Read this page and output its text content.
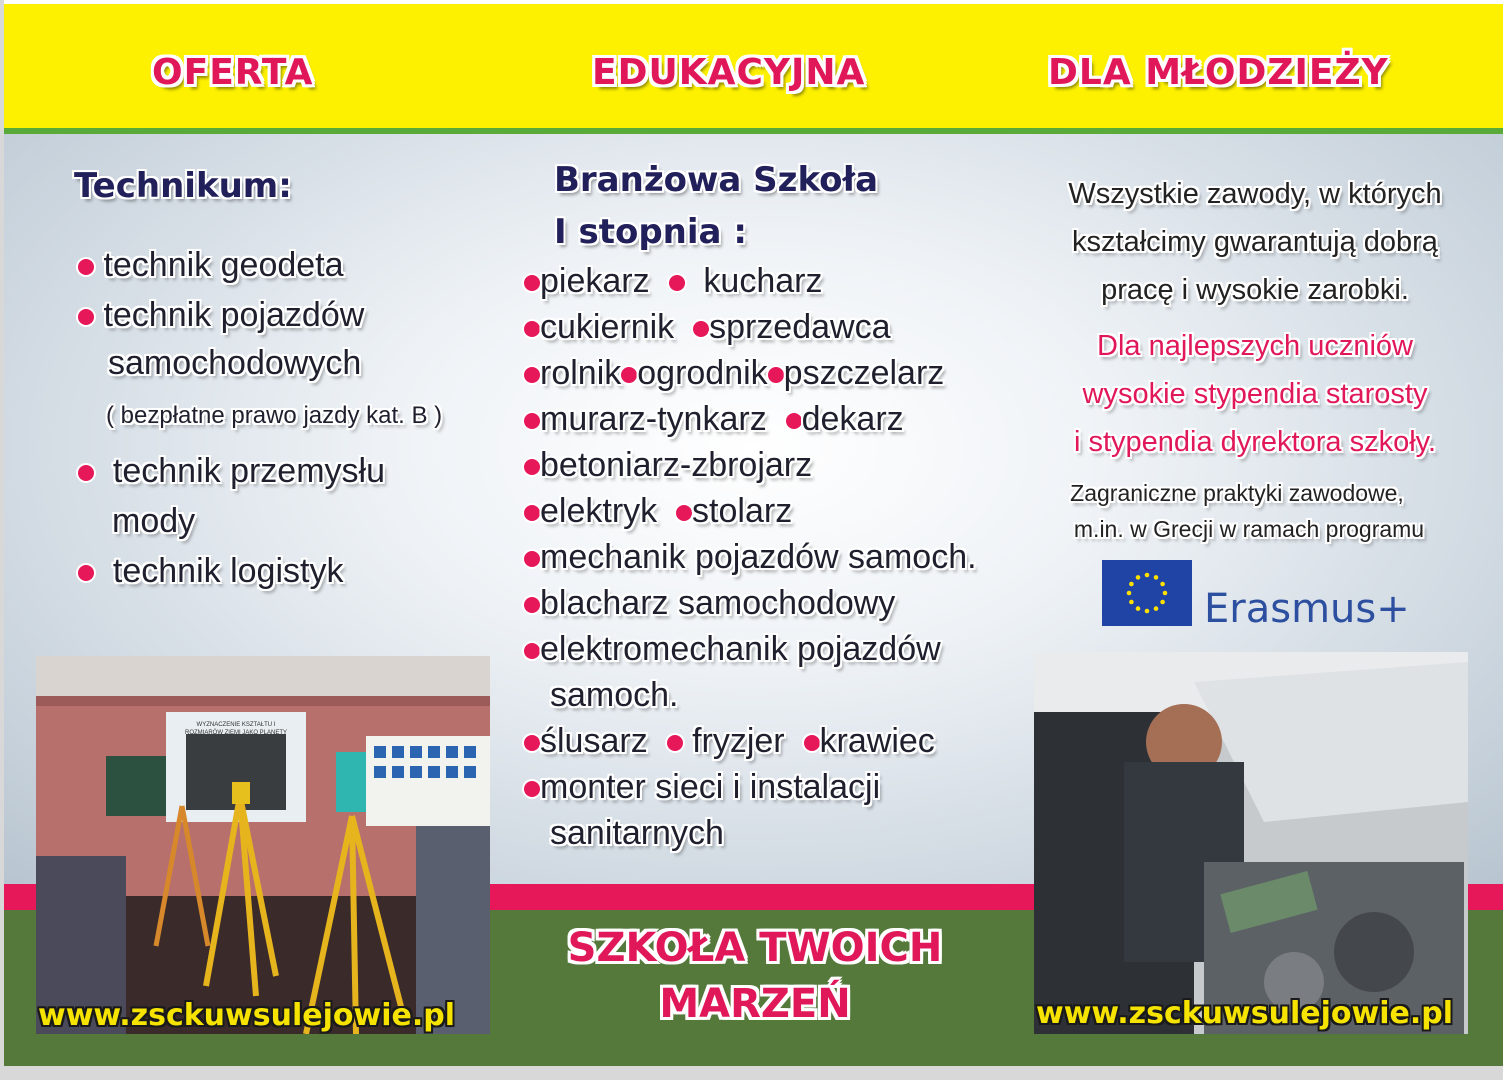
OFERTA	EDUKACYJNA	DLA MŁODZIEŻY
Technikum:
technik geodeta
technik pojazdów
samochodowych
( bezpłatne prawo jazdy kat. B )
technik przemysłu
mody
technik logistyk
Branżowa Szkoła
I stopnia :
piekarz kucharz
cukiernik sprzedawca
rolnik ogrodnik pszczelarz
murarz-tynkarz dekarz
betoniarz-zbrojarz
elektryk stolarz
mechanik pojazdów samoch.
blacharz samochodowy
elektromechanik pojazdów
samoch.
ślusarz fryzjer krawiec
monter sieci i instalacji
sanitarnych
Wszystkie zawody, w których
kształcimy gwarantują dobrą
pracę i wysokie zarobki.
Dla najlepszych uczniów
wysokie stypendia starosty
i stypendia dyrektora szkoły.
Zagraniczne praktyki zawodowe,
m.in. w Grecji w ramach programu
Erasmus+
WYZNACZENIE KSZTAŁTU I
ROZMIARÓW ZIEMI JAKO PLANETY
www.zsckuwsulejowie.pl	www.zsckuwsulejowie.pl
SZKOŁA TWOICH
MARZEŃ
